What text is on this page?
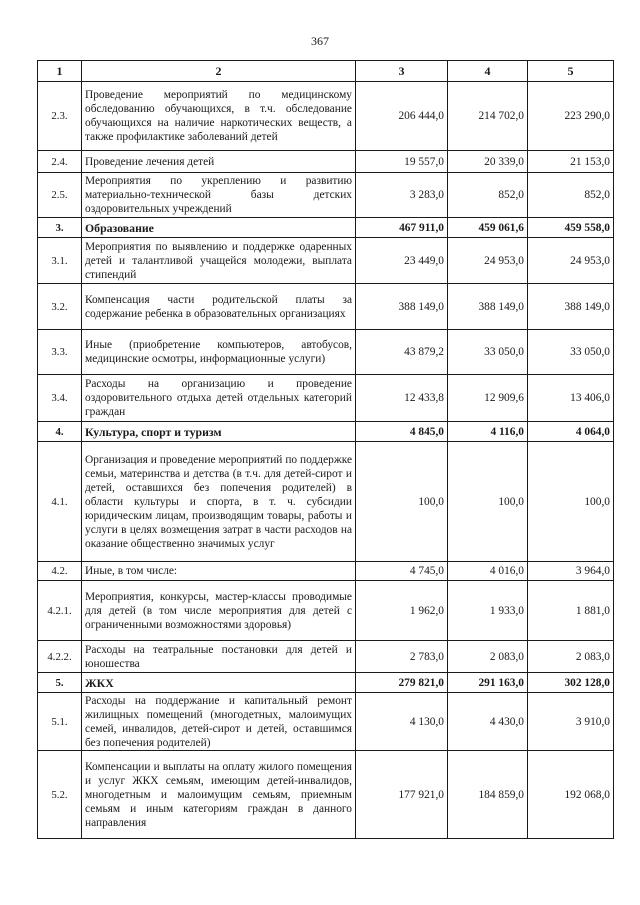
367
1	2	3	4	5
2.3.	Проведение мероприятий по медицинскому обследованию обучающихся, в т.ч. обследование обучающихся на наличие наркотических веществ, а также профилактике заболеваний детей	206 444,0	214 702,0	223 290,0
2.4.	Проведение лечения детей	19 557,0	20 339,0	21 153,0
2.5.	Мероприятия по укреплению и развитию материально-технической базы детских оздоровительных учреждений	3 283,0	852,0	852,0
3.	Образование	467 911,0	459 061,6	459 558,0
3.1.	Мероприятия по выявлению и поддержке одаренных детей и талантливой учащейся молодежи, выплата стипендий	23 449,0	24 953,0	24 953,0
3.2.	Компенсация части родительской платы за содержание ребенка в образовательных организациях	388 149,0	388 149,0	388 149,0
3.3.	Иные (приобретение компьютеров, автобусов, медицинские осмотры, информационные услуги)	43 879,2	33 050,0	33 050,0
3.4.	Расходы на организацию и проведение оздоровительного отдыха детей отдельных категорий граждан	12 433,8	12 909,6	13 406,0
4.	Культура, спорт и туризм	4 845,0	4 116,0	4 064,0
4.1.	Организация и проведение мероприятий по поддержке семьи, материнства и детства (в т.ч. для детей-сирот и детей, оставшихся без попечения родителей) в области культуры и спорта, в т. ч. субсидии юридическим лицам, производящим товары, работы и услуги в целях возмещения затрат в части расходов на оказание общественно значимых услуг	100,0	100,0	100,0
4.2.	Иные, в том числе:	4 745,0	4 016,0	3 964,0
4.2.1.	Мероприятия, конкурсы, мастер-классы проводимые для детей (в том числе мероприятия для детей с ограниченными возможностями здоровья)	1 962,0	1 933,0	1 881,0
4.2.2.	Расходы на театральные постановки для детей и юношества	2 783,0	2 083,0	2 083,0
5.	ЖКХ	279 821,0	291 163,0	302 128,0
5.1.	Расходы на поддержание и капитальный ремонт жилищных помещений (многодетных, малоимущих семей, инвалидов, детей-сирот и детей, оставшимся без попечения родителей)	4 130,0	4 430,0	3 910,0
5.2.	Компенсации и выплаты на оплату жилого помещения и услуг ЖКХ семьям, имеющим детей-инвалидов, многодетным и малоимущим семьям, приемным семьям и иным категориям граждан в данного направления	177 921,0	184 859,0	192 068,0
